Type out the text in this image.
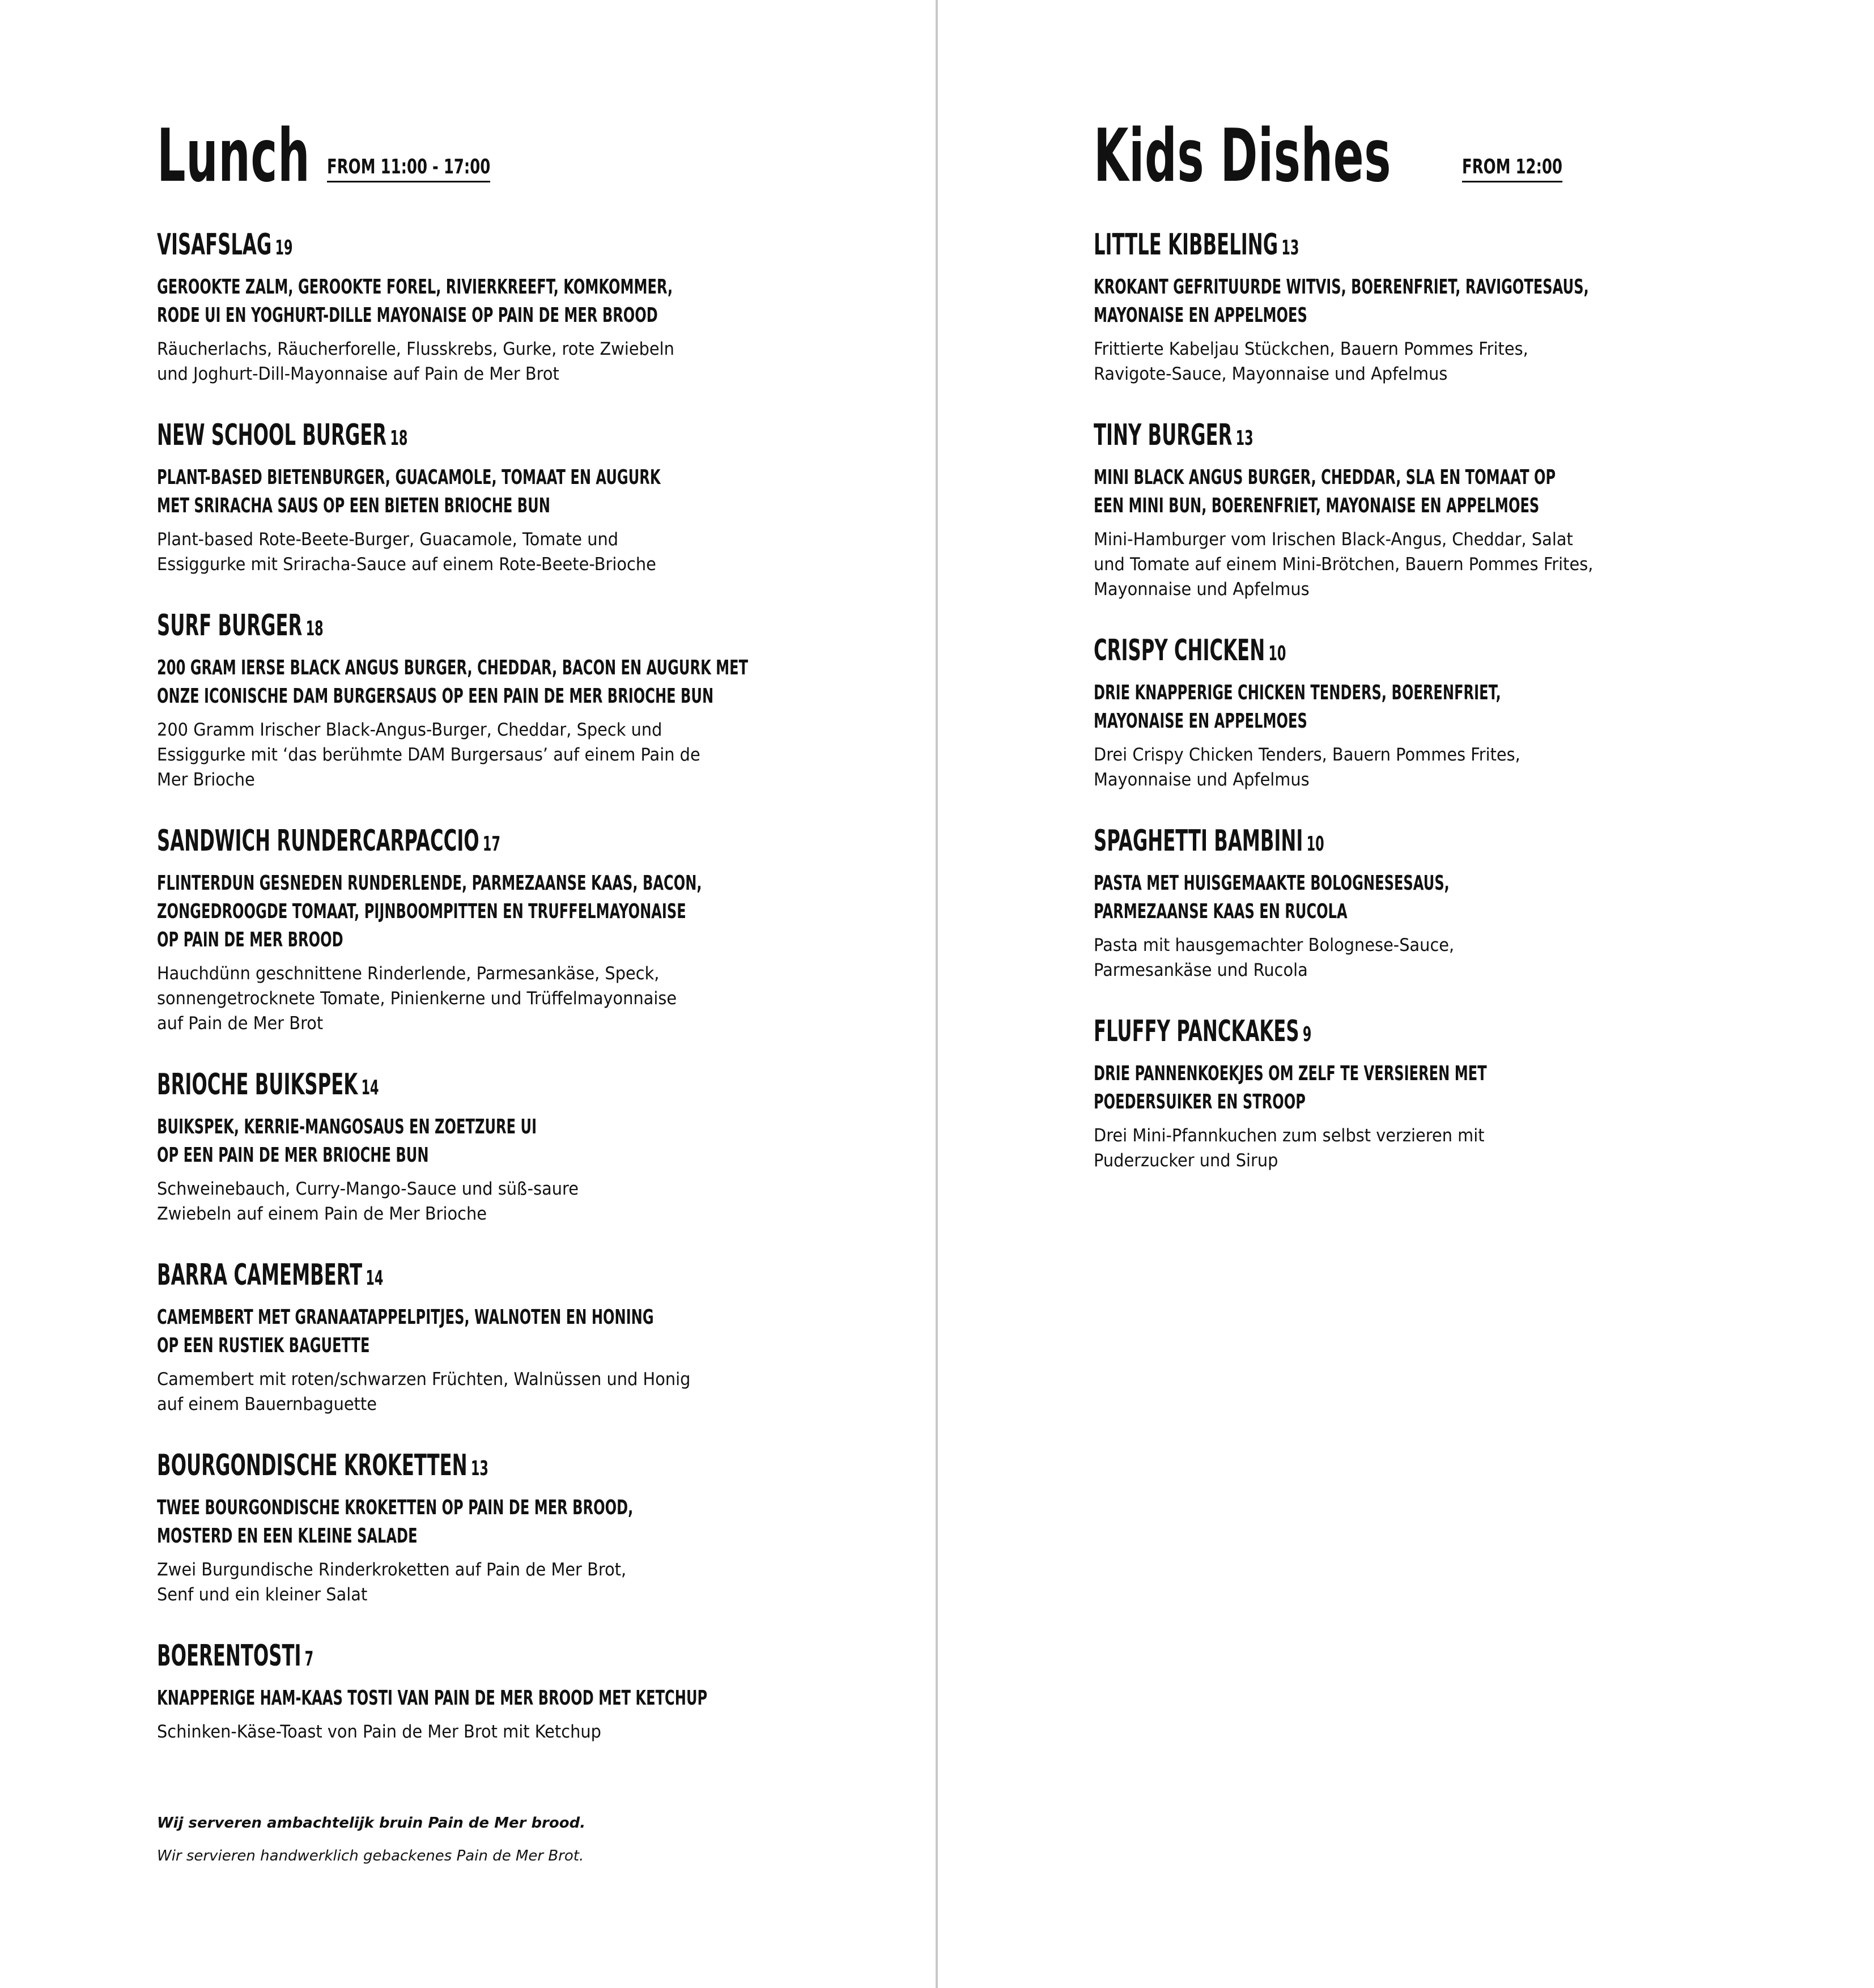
Lunch FROM 11:00 - 17:00
VISAFSLAG 19
GEROOKTE ZALM, GEROOKTE FOREL, RIVIERKREEFT, KOMKOMMER,
RODE UI EN YOGHURT-DILLE MAYONAISE OP PAIN DE MER BROOD
Räucherlachs, Räucherforelle, Flusskrebs, Gurke, rote Zwiebeln
und Joghurt-Dill-Mayonnaise auf Pain de Mer Brot
NEW SCHOOL BURGER 18
PLANT-BASED BIETENBURGER, GUACAMOLE, TOMAAT EN AUGURK
MET SRIRACHA SAUS OP EEN BIETEN BRIOCHE BUN
Plant-based Rote-Beete-Burger, Guacamole, Tomate und
Essiggurke mit Sriracha-Sauce auf einem Rote-Beete-Brioche
SURF BURGER 18
200 GRAM IERSE BLACK ANGUS BURGER, CHEDDAR, BACON EN AUGURK MET
ONZE ICONISCHE DAM BURGERSAUS OP EEN PAIN DE MER BRIOCHE BUN
200 Gramm Irischer Black-Angus-Burger, Cheddar, Speck und
Essiggurke mit ‘das berühmte DAM Burgersaus’ auf einem Pain de
Mer Brioche
SANDWICH RUNDERCARPACCIO 17
FLINTERDUN GESNEDEN RUNDERLENDE, PARMEZAANSE KAAS, BACON,
ZONGEDROOGDE TOMAAT, PIJNBOOMPITTEN EN TRUFFELMAYONAISE
OP PAIN DE MER BROOD
Hauchdünn geschnittene Rinderlende, Parmesankäse, Speck,
sonnengetrocknete Tomate, Pinienkerne und Trüffelmayonnaise
auf Pain de Mer Brot
BRIOCHE BUIKSPEK 14
BUIKSPEK, KERRIE-MANGOSAUS EN ZOETZURE UI
OP EEN PAIN DE MER BRIOCHE BUN
Schweinebauch, Curry-Mango-Sauce und süß-saure
Zwiebeln auf einem Pain de Mer Brioche
BARRA CAMEMBERT 14
CAMEMBERT MET GRANAATAPPELPITJES, WALNOTEN EN HONING
OP EEN RUSTIEK BAGUETTE
Camembert mit roten/schwarzen Früchten, Walnüssen und Honig
auf einem Bauernbaguette
BOURGONDISCHE KROKETTEN 13
TWEE BOURGONDISCHE KROKETTEN OP PAIN DE MER BROOD,
MOSTERD EN EEN KLEINE SALADE
Zwei Burgundische Rinderkroketten auf Pain de Mer Brot,
Senf und ein kleiner Salat
BOERENTOSTI 7
KNAPPERIGE HAM-KAAS TOSTI VAN PAIN DE MER BROOD MET KETCHUP
Schinken-Käse-Toast von Pain de Mer Brot mit Ketchup
Wij serveren ambachtelijk bruin Pain de Mer brood.
Wir servieren handwerklich gebackenes Pain de Mer Brot.
Kids Dishes	FROM 12:00
LITTLE KIBBELING 13
KROKANT GEFRITUURDE WITVIS, BOERENFRIET, RAVIGOTESAUS,
MAYONAISE EN APPELMOES
Frittierte Kabeljau Stückchen, Bauern Pommes Frites,
Ravigote-Sauce, Mayonnaise und Apfelmus
TINY BURGER 13
MINI BLACK ANGUS BURGER, CHEDDAR, SLA EN TOMAAT OP
EEN MINI BUN, BOERENFRIET, MAYONAISE EN APPELMOES
Mini-Hamburger vom Irischen Black-Angus, Cheddar, Salat
und Tomate auf einem Mini-Brötchen, Bauern Pommes Frites,
Mayonnaise und Apfelmus
CRISPY CHICKEN 10
DRIE KNAPPERIGE CHICKEN TENDERS, BOERENFRIET,
MAYONAISE EN APPELMOES
Drei Crispy Chicken Tenders, Bauern Pommes Frites,
Mayonnaise und Apfelmus
SPAGHETTI BAMBINI 10
PASTA MET HUISGEMAAKTE BOLOGNESESAUS,
PARMEZAANSE KAAS EN RUCOLA
Pasta mit hausgemachter Bolognese-Sauce,
Parmesankäse und Rucola
FLUFFY PANCKAKES 9
DRIE PANNENKOEKJES OM ZELF TE VERSIEREN MET
POEDERSUIKER EN STROOP
Drei Mini-Pfannkuchen zum selbst verzieren mit
Puderzucker und Sirup
